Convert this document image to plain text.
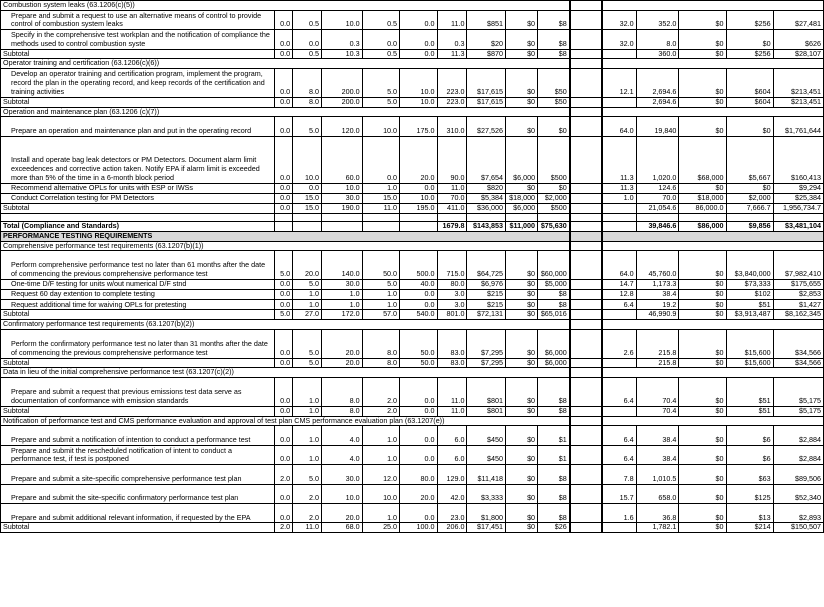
Combustion system leaks (63.1206(c)(5))															
Prepare and submit a request to use an alternative means of control to provide control of combustion system leaks	0.0	0.5	10.0	0.5	0.0	11.0	$851	$0	$8		32.0	352.0	$0	$256	$27,481
Specify in the comprehensive test workplan and the notification of compliance the methods used to control combustion syste	0.0	0.0	0.3	0.0	0.0	0.3	$20	$0	$8		32.0	8.0	$0	$0	$626
Subtotal	0.0	0.5	10.3	0.5	0.0	11.3	$870	$0	$8			360.0	$0	$256	$28,107
Operator training and certification (63.1206(c)(6))															
Develop an operator training and certification program, implement the program, record the plan in the operating record, and keep records of the certification and training activities	0.0	8.0	200.0	5.0	10.0	223.0	$17,615	$0	$50		12.1	2,694.6	$0	$604	$213,451
Subtotal	0.0	8.0	200.0	5.0	10.0	223.0	$17,615	$0	$50			2,694.6	$0	$604	$213,451
Operation and maintenance plan (63.1206 (c)(7))															
Prepare an operation and maintenance plan and put in the operating record	0.0	5.0	120.0	10.0	175.0	310.0	$27,526	$0	$0		64.0	19,840	$0	$0	$1,761,644
Install and operate bag leak detectors or PM Detectors. Document alarm limit exceedences and corrective action taken. Notify EPA if alarm limit is exceeded more than 5% of the time in a 6-month block period	0.0	10.0	60.0	0.0	20.0	90.0	$7,654	$6,000	$500		11.3	1,020.0	$68,000	$5,667	$160,413
Recommend alternative OPLs for units with ESP or IWSs	0.0	0.0	10.0	1.0	0.0	11.0	$820	$0	$0		11.3	124.6	$0	$0	$9,294
Conduct Correlation testing for PM Detectors	0.0	15.0	30.0	15.0	10.0	70.0	$5,384	$18,000	$2,000		1.0	70.0	$18,000	$2,000	$25,384
Subtotal	0.0	15.0	190.0	11.0	195.0	411.0	$36,000	$6,000	$500			21,054.6	86,000.0	7,666.7	1,956,734.7

Total (Compliance and Standards)						1679.8	$143,853	$11,000	$75,630			39,846.6	$86,000	$9,856	$3,481,104
PERFORMANCE TESTING REQUIREMENTS															
Comprehensive performance test requirements (63.1207(b)(1))															
Perform comprehensive performance test no later than 61 months after the date of commencing the previous comprehensive performance test	5.0	20.0	140.0	50.0	500.0	715.0	$64,725	$0	$60,000		64.0	45,760.0	$0	$3,840,000	$7,982,410
One-time D/F testing for units w/out numerical D/F stnd	0.0	5.0	30.0	5.0	40.0	80.0	$6,976	$0	$5,000		14.7	1,173.3	$0	$73,333	$175,655
Request 60 day extention to complete testing	0.0	1.0	1.0	1.0	0.0	3.0	$215	$0	$8		12.8	38.4	$0	$102	$2,853
Request additional time for waiving OPLs for pretesting	0.0	1.0	1.0	1.0	0.0	3.0	$215	$0	$8		6.4	19.2	$0	$51	$1,427
Subtotal	5.0	27.0	172.0	57.0	540.0	801.0	$72,131	$0	$65,016			46,990.9	$0	$3,913,487	$8,162,345
Confirmatory performance test requirements (63.1207(b)(2))															
Perform the confirmatory performance test no later than 31 months after the date of commencing the previous comprehensive performance test	0.0	5.0	20.0	8.0	50.0	83.0	$7,295	$0	$6,000		2.6	215.8	$0	$15,600	$34,566
Subtotal	0.0	5.0	20.0	8.0	50.0	83.0	$7,295	$0	$6,000			215.8	$0	$15,600	$34,566
Data in lieu of the initial comprehensive performance test (63.1207(c)(2))															
Prepare and submit a request that previous emissions test data serve as documentation of conformance with emission standards	0.0	1.0	8.0	2.0	0.0	11.0	$801	$0	$8		6.4	70.4	$0	$51	$5,175
Subtotal	0.0	1.0	8.0	2.0	0.0	11.0	$801	$0	$8			70.4	$0	$51	$5,175
Notification of performance test and CMS performance evaluation and approval of test plan CMS performance evaluation plan (63.1207(e))															
Prepare and submit a notification of intention to conduct a performance test	0.0	1.0	4.0	1.0	0.0	6.0	$450	$0	$1		6.4	38.4	$0	$6	$2,884
Prepare and submit the rescheduled notification of intent to conduct a performance test, if test is postponed	0.0	1.0	4.0	1.0	0.0	6.0	$450	$0	$1		6.4	38.4	$0	$6	$2,884
Prepare and submit a site-specific comprehensive performance test plan	2.0	5.0	30.0	12.0	80.0	129.0	$11,418	$0	$8		7.8	1,010.5	$0	$63	$89,506
Prepare and submit the site-specific confirmatory performance test plan	0.0	2.0	10.0	10.0	20.0	42.0	$3,333	$0	$8		15.7	658.0	$0	$125	$52,340
Prepare and submit additional relevant information, if requested by the EPA	0.0	2.0	20.0	1.0	0.0	23.0	$1,800	$0	$8		1.6	36.8	$0	$13	$2,893
Subtotal	2.0	11.0	68.0	25.0	100.0	206.0	$17,451	$0	$26			1,782.1	$0	$214	$150,507
